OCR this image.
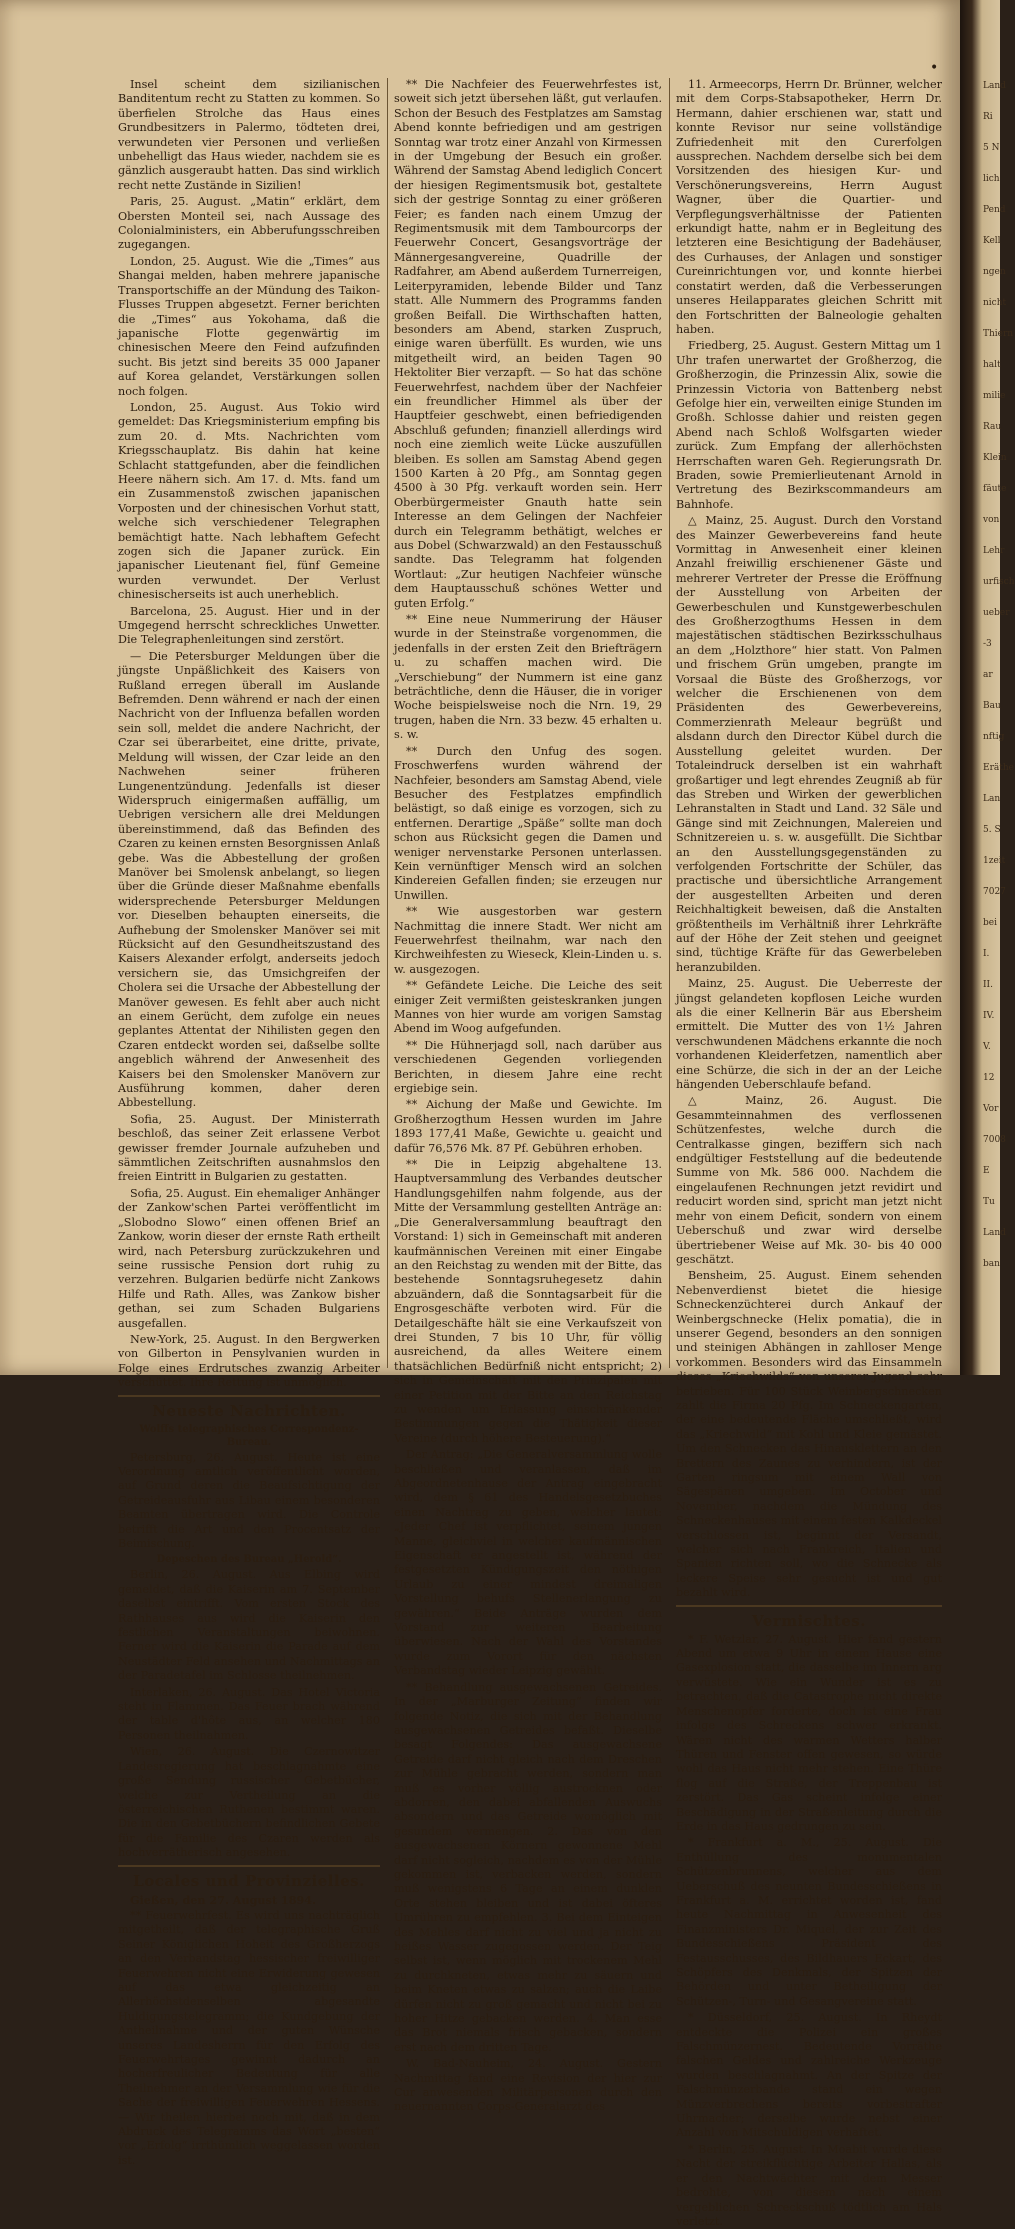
•

Insel scheint dem sizilianischen Banditentum recht zu Statten zu kommen. So überfielen Strolche das Haus eines Grundbesitzers in Palermo, tödteten drei, verwundeten vier Personen und verließen unbehelligt das Haus wieder, nachdem sie es gänzlich ausgeraubt hatten. Das sind wirklich recht nette Zustände in Sizilien!

Paris, 25. August. „Matin“ erklärt, dem Obersten Monteil sei, nach Aussage des Colonialministers, ein Abberufungsschreiben zugegangen.

London, 25. August. Wie die „Times“ aus Shangai melden, haben mehrere japanische Transportschiffe an der Mündung des Taikon-Flusses Truppen abgesetzt. Ferner berichten die „Times“ aus Yokohama, daß die japanische Flotte gegenwärtig im chinesischen Meere den Feind aufzufinden sucht. Bis jetzt sind bereits 35 000 Japaner auf Korea gelandet, Verstärkungen sollen noch folgen.

London, 25. August. Aus Tokio wird gemeldet: Das Kriegsministerium empfing bis zum 20. d. Mts. Nachrichten vom Kriegsschauplatz. Bis dahin hat keine Schlacht stattgefunden, aber die feindlichen Heere nähern sich. Am 17. d. Mts. fand um ein Zusammenstoß zwischen japanischen Vorposten und der chinesischen Vorhut statt, welche sich verschiedener Telegraphen bemächtigt hatte. Nach lebhaftem Gefecht zogen sich die Japaner zurück. Ein japanischer Lieutenant fiel, fünf Gemeine wurden verwundet. Der Verlust chinesischerseits ist auch unerheblich.

Barcelona, 25. August. Hier und in der Umgegend herrscht schreckliches Unwetter. Die Telegraphenleitungen sind zerstört.

— Die Petersburger Meldungen über die jüngste Unpäßlichkeit des Kaisers von Rußland erregen überall im Auslande Befremden. Denn während er nach der einen Nachricht von der Influenza befallen worden sein soll, meldet die andere Nachricht, der Czar sei überarbeitet, eine dritte, private, Meldung will wissen, der Czar leide an den Nachwehen seiner früheren Lungenentzündung. Jedenfalls ist dieser Widerspruch einigermaßen auffällig, um Uebrigen versichern alle drei Meldungen übereinstimmend, daß das Befinden des Czaren zu keinen ernsten Besorgnissen Anlaß gebe. Was die Abbestellung der großen Manöver bei Smolensk anbelangt, so liegen über die Gründe dieser Maßnahme ebenfalls widersprechende Petersburger Meldungen vor. Dieselben behaupten einerseits, die Aufhebung der Smolensker Manöver sei mit Rücksicht auf den Gesundheitszustand des Kaisers Alexander erfolgt, anderseits jedoch versichern sie, das Umsichgreifen der Cholera sei die Ursache der Abbestellung der Manöver gewesen. Es fehlt aber auch nicht an einem Gerücht, dem zufolge ein neues geplantes Attentat der Nihilisten gegen den Czaren entdeckt worden sei, daßselbe sollte angeblich während der Anwesenheit des Kaisers bei den Smolensker Manövern zur Ausführung kommen, daher deren Abbestellung.

Sofia, 25. August. Der Ministerrath beschloß, das seiner Zeit erlassene Verbot gewisser fremder Journale aufzuheben und sämmtlichen Zeitschriften ausnahmslos den freien Eintritt in Bulgarien zu gestatten.

Sofia, 25. August. Ein ehemaliger Anhänger der Zankow'schen Partei veröffentlicht im „Slobodno Slowo“ einen offenen Brief an Zankow, worin dieser der ernste Rath ertheilt wird, nach Petersburg zurückzukehren und seine russische Pension dort ruhig zu verzehren. Bulgarien bedürfe nicht Zankows Hilfe und Rath. Alles, was Zankow bisher gethan, sei zum Schaden Bulgariens ausgefallen.

New-York, 25. August. In den Bergwerken von Gilberton in Pensylvanien wurden in Folge eines Erdrutsches zwanzig Arbeiter verschüttet. Ihre Rettung ist unmöglich.

Neueste Nachrichten.
Wolffs telegraphisches Correspondenz-Bureau.

Petersburg, 26. August. Heute ist eine Verordnung amtlich veröffentlicht worden, auf Grund deren die Beaufsichtigung der Getreideausfuhr aus Libau einem besonderen Beamten übertragen wird. Die Controle betrifft die Art und den Procentsatz der Beimischung.

Depeschen des Bureau „Herold“.

Berlin, 26. August. Aus Elbing wird gemeldet, daß die Kaiserin am 7. September daselbst eintrifft. Vom ersten Stock des Rathhauses aus wird die Kaiserin den festlichen Veranstaltungen beiwohnen. Ferner wird die Kaiserin die Parade auf dem Neustädter Feld ansehen und Nachmittags an der Paradetafel im Schlosse theilnehmen.

Interlaken, 26. August. Das Hotel Victoria steht in Flammen. Das Feuer brach während der table d'hôte aus, an welcher 180 Personen theilnahmen.

Wien, 26. August. Die Czernowitzer Landesregierung hat beschlagnahmte eine große Sendung russischer Gebetbücher, welche zur Vertheilung an die österreichischen Ruthenen bestimmt waren. Die in den Gebetbüchern befindlichen Gebete für die Familie des Czaren werden als hochverrätherisch angesehen.

Locales und Provinzielles.

Gießen, den 27. August 1894.

** Feuerwehrfest. Es wird uns nachträglich mitgetheilt, daß der telegraphische Gruß Seiner Königlichen Hoheit des Großherzogs an den Verbandstag hessischer freiwilliger Feuerwehren nicht eine Erwiderung gewesen auf das etwa gleichzeitig an Allerhöchstdenselben abgesandte Huldigungstelegramm; die Kundgebung der Antheilnahme und der guten Wünsche unseres Landesherrn für den Erfolg des Feuerwehrtages gewinnt dadurch an hocherfreulicher Bedeutung für alle Theilnehmer an der Versammlung wie für die Sache der freiwilligen Feuerwehren Hessens. — Wir theilen hierbei noch mit, daß in dem Abdruck des Telegramms das Wort „besten“ vor „Erfolg“ irrthümlich weggelassen worden ist.

** Die Nachfeier des Feuerwehrfestes ist, soweit sich jetzt übersehen läßt, gut verlaufen. Schon der Besuch des Festplatzes am Samstag Abend konnte befriedigen und am gestrigen Sonntag war trotz einer Anzahl von Kirmessen in der Umgebung der Besuch ein großer. Während der Samstag Abend lediglich Concert der hiesigen Regimentsmusik bot, gestaltete sich der gestrige Sonntag zu einer größeren Feier; es fanden nach einem Umzug der Regimentsmusik mit dem Tambourcorps der Feuerwehr Concert, Gesangsvorträge der Männergesangvereine, Quadrille der Radfahrer, am Abend außerdem Turnerreigen, Leiterpyramiden, lebende Bilder und Tanz statt. Alle Nummern des Programms fanden großen Beifall. Die Wirthschaften hatten, besonders am Abend, starken Zuspruch, einige waren überfüllt. Es wurden, wie uns mitgetheilt wird, an beiden Tagen 90 Hektoliter Bier verzapft. — So hat das schöne Feuerwehrfest, nachdem über der Nachfeier ein freundlicher Himmel als über der Hauptfeier geschwebt, einen befriedigenden Abschluß gefunden; finanziell allerdings wird noch eine ziemlich weite Lücke auszufüllen bleiben. Es sollen am Samstag Abend gegen 1500 Karten à 20 Pfg., am Sonntag gegen 4500 à 30 Pfg. verkauft worden sein. Herr Oberbürgermeister Gnauth hatte sein Interesse an dem Gelingen der Nachfeier durch ein Telegramm bethätigt, welches er aus Dobel (Schwarzwald) an den Festausschuß sandte. Das Telegramm hat folgenden Wortlaut: „Zur heutigen Nachfeier wünsche dem Hauptausschuß schönes Wetter und guten Erfolg.“

** Eine neue Nummerirung der Häuser wurde in der Steinstraße vorgenommen, die jedenfalls in der ersten Zeit den Briefträgern u. zu schaffen machen wird. Die „Verschiebung“ der Nummern ist eine ganz beträchtliche, denn die Häuser, die in voriger Woche beispielsweise noch die Nrn. 19, 29 trugen, haben die Nrn. 33 bezw. 45 erhalten u. s. w.

** Durch den Unfug des sogen. Froschwerfens wurden während der Nachfeier, besonders am Samstag Abend, viele Besucher des Festplatzes empfindlich belästigt, so daß einige es vorzogen, sich zu entfernen. Derartige „Späße“ sollte man doch schon aus Rücksicht gegen die Damen und weniger nervenstarke Personen unterlassen. Kein vernünftiger Mensch wird an solchen Kindereien Gefallen finden; sie erzeugen nur Unwillen.

** Wie ausgestorben war gestern Nachmittag die innere Stadt. Wer nicht am Feuerwehrfest theilnahm, war nach den Kirchweihfesten zu Wieseck, Klein-Linden u. s. w. ausgezogen.

** Gefändete Leiche. Die Leiche des seit einiger Zeit vermißten geisteskranken jungen Mannes von hier wurde am vorigen Samstag Abend im Woog aufgefunden.

** Die Hühnerjagd soll, nach darüber aus verschiedenen Gegenden vorliegenden Berichten, in diesem Jahre eine recht ergiebige sein.

** Aichung der Maße und Gewichte. Im Großherzogthum Hessen wurden im Jahre 1893 177,41 Maße, Gewichte u. geaicht und dafür 76,576 Mk. 87 Pf. Gebühren erhoben.

** Die in Leipzig abgehaltene 13. Hauptversammlung des Verbandes deutscher Handlungsgehilfen nahm folgende, aus der Mitte der Versammlung gestellten Anträge an: „Die Generalversammlung beauftragt den Vorstand: 1) sich in Gemeinschaft mit anderen kaufmännischen Vereinen mit einer Eingabe an den Reichstag zu wenden mit der Bitte, das bestehende Sonntagsruhegesetz dahin abzuändern, daß die Sonntagsarbeit für die Engrosgeschäfte verboten wird. Für die Detailgeschäfte hält sie eine Verkaufszeit von drei Stunden, 7 bis 10 Uhr, für völlig ausreichend, da alles Weitere einem thatsächlichen Bedürfniß nicht entspricht; 2) sich in Gemeinschaft mit den Prinzipalen mit einer Petition mit der Bitte an den Reichstag zu wenden um Erlassung einschränkender Bestimmungen gegen die Thätigkeit dieser Vereine (durch höhere Besteuerung).“

Der Antrag: „Die Generalversammlung wolle beschließen und veranlassen, daß im Abgeordnetenhause der Antrag eingebracht wird, dem § 61 des Handelsgesetzbuches einen Nachtrag zu geben, welcher lautet: „Jeder Chef ist verpflichtet, seinem jungen Manne, gleichviel in welcher kaufmännischen Eigenschaft er angestellt ist, während der festgesetzten Kündigungszeit den nöthigen Urlaub zu einer mindest dreimaligen Vorstellung behufs Stellenerlangung zu gewähren.“ Beide Anträge wurden dem Vorstand zur weiteren Bearbeitung überwiesen. Nach der Wahl des Vorstandes wurde zum Vorort für den nächsten Verbandstag wieder Leipzig gewählt.

** Behandlung ausgewachsenen Getreides. In der „Marburger Zeitung“ finden wir folgende Notiz, die sich mit der Behandlung ausgewachsenen Getreides befaßt. Dieselbe besagt Folgendes: Das ausgewachsene Getreide darf nicht gleich nach dem Dreschen zur Mühle gebracht werden, sondern man muß es vorher völlig austrocknen oder abdorren, den dabei abfallenden Auswuchs absondern und das Getreide womöglich mit gesundem vermengen. 2. Das von den ausgewachsenen Körnern gewonnene Mehl darf nicht sogleich, nachdem es von der Mühle gekommen ist, verbacken werden, sondern muß wenigstens 6 Tage an einem dunklen Orte stehen bleiben und ist dabei öfteres Umrühren zu empfehlen. 3. Bei dem Einteigen des Mehles darf nicht zu viel und ja nicht zu heißes Wasser zugegossen werden. Der Teig selbst ist, wenn möglich mit trockenem Mehl zu durchkneten, etwas mehr zu säuern und beim Kneten etwas zu salzen; auch die Laibe dürfen nicht zu groß gemacht und nicht bei zu hoher Hitze gebacken werden. 4. Man esse das Brot niemals frisch gebacken, sondern erst nach dem dritten Tage.

W. Bad-Nauheim, 24. August. Gestern Nachmittag fand eine Revision der hier zur Cur anwesenden Militärpersonen durch den neuernannten Corps-Generalarzt des

11. Armeecorps, Herrn Dr. Brünner, welcher mit dem Corps-Stabsapotheker, Herrn Dr. Hermann, dahier erschienen war, statt und konnte Revisor nur seine vollständige Zufriedenheit mit den Curerfolgen aussprechen. Nachdem derselbe sich bei dem Vorsitzenden des hiesigen Kur- und Verschönerungsvereins, Herrn August Wagner, über die Quartier- und Verpflegungsverhältnisse der Patienten erkundigt hatte, nahm er in Begleitung des letzteren eine Besichtigung der Badehäuser, des Curhauses, der Anlagen und sonstiger Cureinrichtungen vor, und konnte hierbei constatirt werden, daß die Verbesserungen unseres Heilapparates gleichen Schritt mit den Fortschritten der Balneologie gehalten haben.

Friedberg, 25. August. Gestern Mittag um 1 Uhr trafen unerwartet der Großherzog, die Großherzogin, die Prinzessin Alix, sowie die Prinzessin Victoria von Battenberg nebst Gefolge hier ein, verweilten einige Stunden im Großh. Schlosse dahier und reisten gegen Abend nach Schloß Wolfsgarten wieder zurück. Zum Empfang der allerhöchsten Herrschaften waren Geh. Regierungsrath Dr. Braden, sowie Premierlieutenant Arnold in Vertretung des Bezirkscommandeurs am Bahnhofe.

△ Mainz, 25. August. Durch den Vorstand des Mainzer Gewerbevereins fand heute Vormittag in Anwesenheit einer kleinen Anzahl freiwillig erschienener Gäste und mehrerer Vertreter der Presse die Eröffnung der Ausstellung von Arbeiten der Gewerbeschulen und Kunstgewerbeschulen des Großherzogthums Hessen in dem majestätischen städtischen Bezirksschulhaus an dem „Holzthore“ hier statt. Von Palmen und frischem Grün umgeben, prangte im Vorsaal die Büste des Großherzogs, vor welcher die Erschienenen von dem Präsidenten des Gewerbevereins, Commerzienrath Meleaur begrüßt und alsdann durch den Director Kübel durch die Ausstellung geleitet wurden. Der Totaleindruck derselben ist ein wahrhaft großartiger und legt ehrendes Zeugniß ab für das Streben und Wirken der gewerblichen Lehranstalten in Stadt und Land. 32 Säle und Gänge sind mit Zeichnungen, Malereien und Schnitzereien u. s. w. ausgefüllt. Die Sichtbar an den Ausstellungsgegenständen zu verfolgenden Fortschritte der Schüler, das practische und übersichtliche Arrangement der ausgestellten Arbeiten und deren Reichhaltigkeit beweisen, daß die Anstalten größtentheils im Verhältniß ihrer Lehrkräfte auf der Höhe der Zeit stehen und geeignet sind, tüchtige Kräfte für das Gewerbeleben heranzubilden.

Mainz, 25. August. Die Ueberreste der jüngst gelandeten kopflosen Leiche wurden als die einer Kellnerin Bär aus Ebersheim ermittelt. Die Mutter des von 1½ Jahren verschwundenen Mädchens erkannte die noch vorhandenen Kleiderfetzen, namentlich aber eine Schürze, die sich in der an der Leiche hängenden Ueberschlaufe befand.

△ Mainz, 26. August. Die Gesammteinnahmen des verflossenen Schützenfestes, welche durch die Centralkasse gingen, beziffern sich nach endgültiger Feststellung auf die bedeutende Summe von Mk. 586 000. Nachdem die eingelaufenen Rechnungen jetzt revidirt und reducirt worden sind, spricht man jetzt nicht mehr von einem Deficit, sondern von einem Ueberschuß und zwar wird derselbe übertriebener Weise auf Mk. 30- bis 40 000 geschätzt.

Bensheim, 25. August. Einem sehenden Nebenverdienst bietet die hiesige Schneckenzüchterei durch Ankauf der Weinbergschnecke (Helix pomatia), die in unserer Gegend, besonders an den sonnigen und steinigen Abhängen in zahlloser Menge vorkommen. Besonders wird das Einsammeln dieses „Kriechwilds“ von unserer Jugend sehr betrieben. Für 100 Stück Weinbergschnecken zahlt die Firma 20 Pfg. Im Schneckengarten, der eine bedeutende Fläche umschließt, wird das „Kriechwild“ mit Kohl und Kleie gemästet. Um den Schnecken das Hinausklettern an den Brettern des Zaunes zu verhindern, ist der Garten ringsum mit einem Wall von Sägespänen umgeben. Im October und November, nachdem die Mündung des Schneckenhauses mit einem festen Kalkdeckel verschlossen ist, beginnt der Versandt, welcher sich nach Frankreich, Italien und Spanien richten soll, wo die Schnecke als leckere Speise sehr gesucht ist und gut bezahlt wird.

Vermischtes.

* F. Wetzlar, 27. August. Hier fand gestern Abend um etwa 9 Uhr in einem Hause eine Gasexplosion statt, die dasselbe im Innern arg verwüstete. Wie ein Wunder ist es zu betrachten, daß die Catastrophe nicht direkte Menschenopfer forderte, doch ist eine Frau infolge des Schreckens schwer erkrankt. Wären nicht des warmen Wetters halber Thüren und Fenster offen gewesen, so würde wohl das Haus nicht mehr stehen. Eine Thüre flog auf die Straße, der Treppenbau ist zerstört. Das Gas scheint infolge einer Beschädigung in der Straßenleitung durch die Erde in das Haus gedrungen zu sein.

* Frankfurt a. M., 25. August. Die Enthüllung des monumentalen Schützenbrunnens, welcher aus dem Ueberschuß des neunten Bundesschießens in Frankfurt a. M. errichtet worden ist, fand heute Nachmittag in Anwesenheit des Finanzministers Dr. Miquel, der zur Zeit des Bundesschießens Präsident des Festausschusses, des Bildhauers Eckart, des Schöpfers des Denkmals, der Spitzen der Behörden und unter Betheiligung der Schützen-, Turn- und Gesangvereine statt.

* Düsseldorf, 25. August. In Rheydt entdeckte die Polizei ein großes Falschmünzernest. Bedeutende Vorräthe falschen Geldes und zahlreiche Werkzeuge wurden beschlagnahmt. An der Spitze der Falschmünzerbande stand ein wegen Münzverbrechens bereits vorbestrafter Uhrmacher; derselbe wurde nebst einer Anzahl von Mitschuldigen verhaftet.

* Berlin, 25. August. In Moabit wurde diese Nacht der streikflüchtige Arbeiter Hallas, als er den Nachtwächter mit dem Messer bedrohte, von diesem nach einem vergeblichen Schreckschuß tödtlich am Hals verletzt.

Land
Ri
5 N
lich
Pend
Kell
ngen
nicht
Thiern
halt
milie
Rau
Klein
fäute
von
Lehr
urfisch
ueber
-3
ar
Bau
nftig
Eräthe
Lan
5. S
1zeit
7027
bei
I.
II.
IV.
V.
12
Vor
7008
E
Tu
Land
ban
